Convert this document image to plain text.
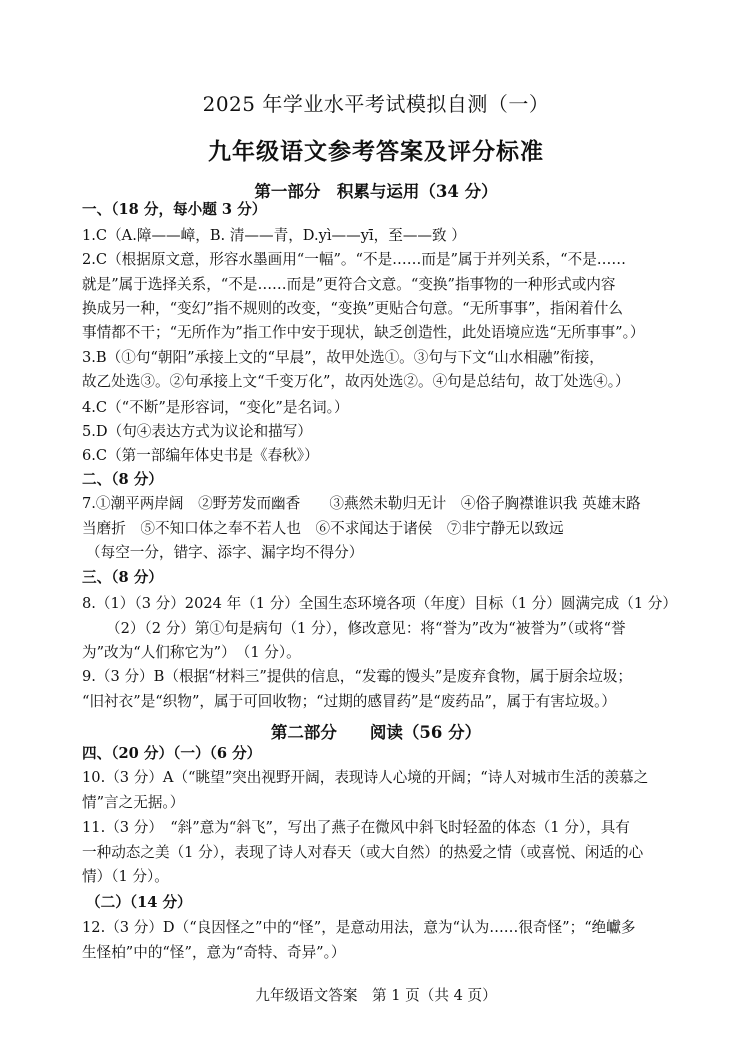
2025 年学业水平考试模拟自测（一）
九年级语文参考答案及评分标准
第一部分　积累与运用（34 分）
一、（18 分，每小题 3 分）
1.C（A.障——嶂，B. 清——青，D.yì——yī，至——致 ）
2.C（根据原文意，形容水墨画用“一幅”。“不是……而是”属于并列关系，“不是……
就是”属于选择关系，“不是……而是”更符合文意。“变换”指事物的一种形式或内容
换成另一种，“变幻”指不规则的改变，“变换”更贴合句意。“无所事事”，指闲着什么
事情都不干；“无所作为”指工作中安于现状，缺乏创造性，此处语境应选“无所事事”。）
3.B（①句“朝阳”承接上文的“早晨”，故甲处选①。③句与下文“山水相融”衔接，
故乙处选③。②句承接上文“千变万化”，故丙处选②。④句是总结句，故丁处选④。）
4.C（“不断”是形容词，“变化”是名词。）
5.D（句④表达方式为议论和描写）
6.C（第一部编年体史书是《春秋》）
二、（8 分）
7.①潮平两岸阔　②野芳发而幽香　　③燕然未勒归无计　④俗子胸襟谁识我 英雄末路
当磨折　⑤不知口体之奉不若人也　⑥不求闻达于诸侯　⑦非宁静无以致远
（每空一分，错字、添字、漏字均不得分）
三、（8 分）
8.（1）（3 分）2024 年（1 分）全国生态环境各项（年度）目标（1 分）圆满完成（1 分）
（2）（2 分）第①句是病句（1 分），修改意见：将“誉为”改为“被誉为”（或将“誉
为”改为“人们称它为”）　（1 分）。
9.（3 分）B（根据“材料三”提供的信息，“发霉的馒头”是废弃食物，属于厨余垃圾；
“旧衬衣”是“织物”，属于可回收物；“过期的感冒药”是“废药品”，属于有害垃圾。）
第二部分　　阅读（56 分）
四、（20 分）（一）（6 分）
10.（3 分）A（“眺望”突出视野开阔，表现诗人心境的开阔；“诗人对城市生活的羡慕之
情”言之无据。）
11.（3 分）　“斜”意为“斜飞”，写出了燕子在微风中斜飞时轻盈的体态（1 分），具有
一种动态之美（1 分），表现了诗人对春天（或大自然）的热爱之情（或喜悦、闲适的心
情）（1 分）。
（二）（14 分）
12.（3 分）D（“良因怪之”中的“怪”，是意动用法，意为“认为……很奇怪”；“绝巘多
生怪柏”中的“怪”，意为“奇特、奇异”。）
九年级语文答案　第 1 页（共 4 页）
